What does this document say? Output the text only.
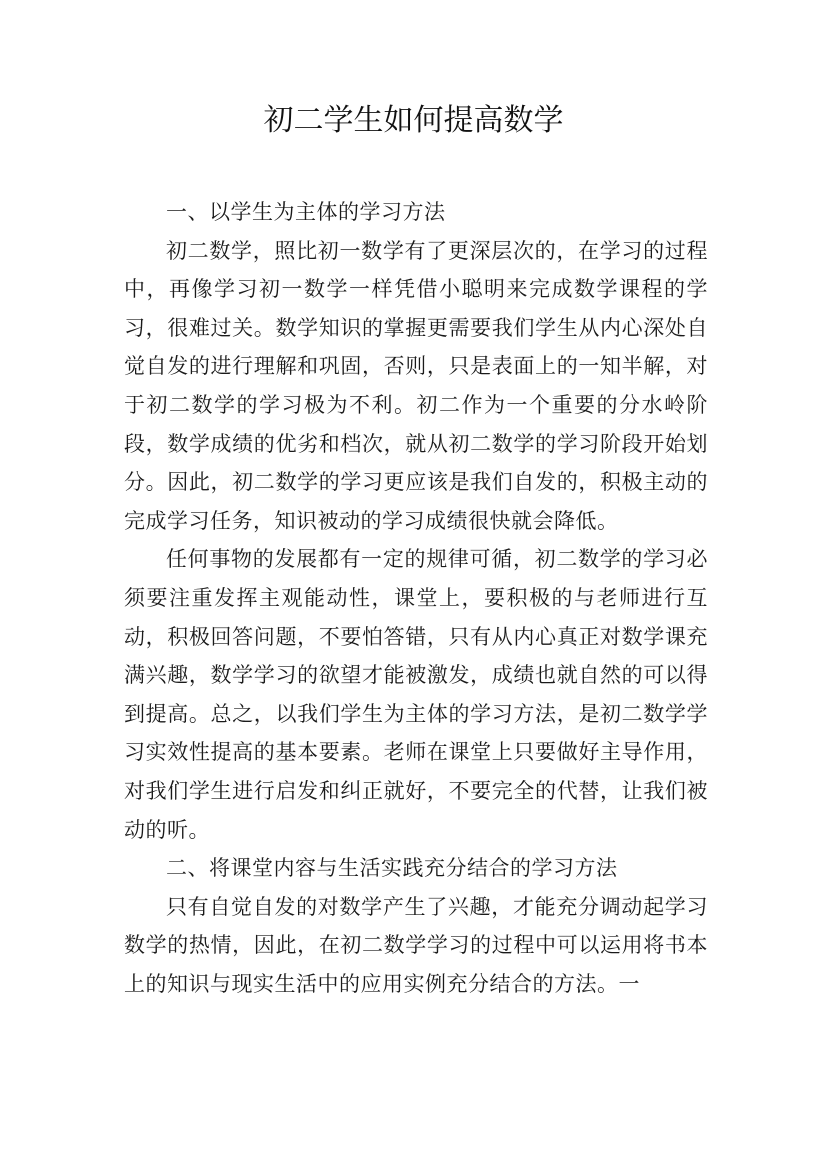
初二学生如何提高数学

一、以学生为主体的学习方法

初二数学，照比初一数学有了更深层次的，在学习的过程中，再像学习初一数学一样凭借小聪明来完成数学课程的学习，很难过关。数学知识的掌握更需要我们学生从内心深处自觉自发的进行理解和巩固，否则，只是表面上的一知半解，对于初二数学的学习极为不利。初二作为一个重要的分水岭阶段，数学成绩的优劣和档次，就从初二数学的学习阶段开始划分。因此，初二数学的学习更应该是我们自发的，积极主动的完成学习任务，知识被动的学习成绩很快就会降低。

任何事物的发展都有一定的规律可循，初二数学的学习必须要注重发挥主观能动性，课堂上，要积极的与老师进行互动，积极回答问题，不要怕答错，只有从内心真正对数学课充满兴趣，数学学习的欲望才能被激发，成绩也就自然的可以得到提高。总之，以我们学生为主体的学习方法，是初二数学学习实效性提高的基本要素。老师在课堂上只要做好主导作用，对我们学生进行启发和纠正就好，不要完全的代替，让我们被动的听。

二、将课堂内容与生活实践充分结合的学习方法

只有自觉自发的对数学产生了兴趣，才能充分调动起学习数学的热情，因此，在初二数学学习的过程中可以运用将书本上的知识与现实生活中的应用实例充分结合的方法。一
